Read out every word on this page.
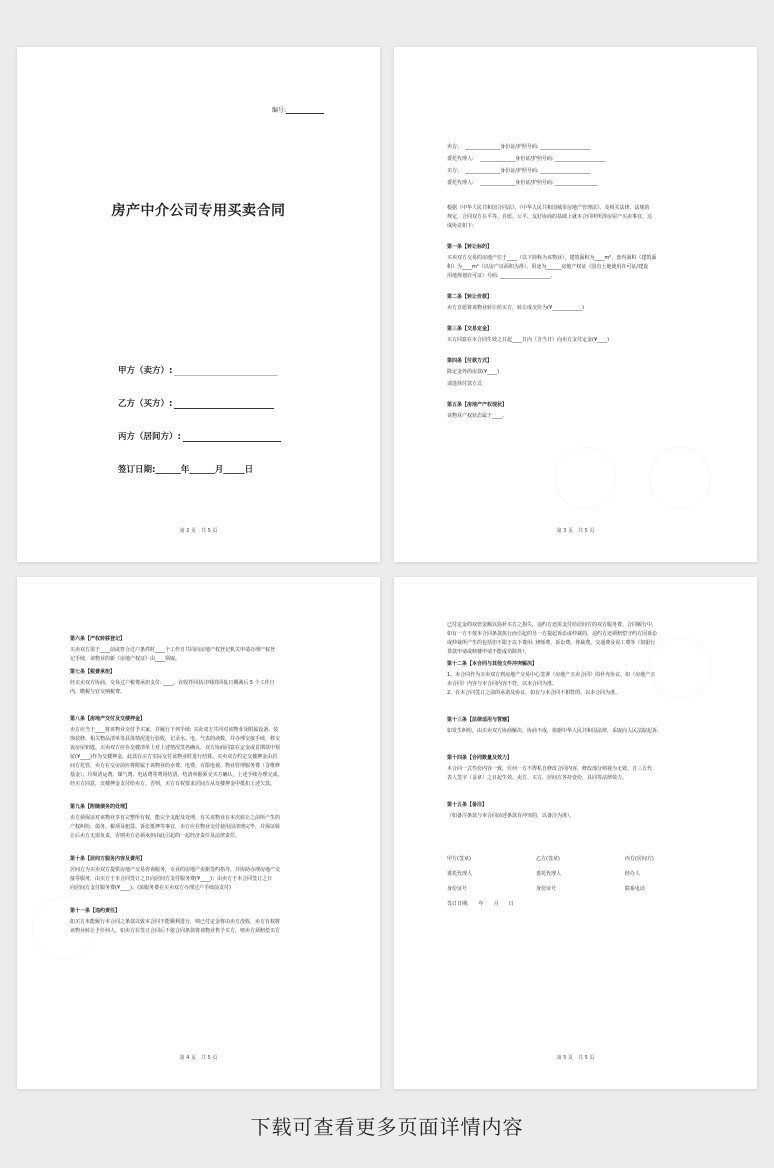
编号:
房产中介公司专用买卖合同
甲方（卖方）:
乙方（买方）:
丙方（居间方）:
签订日期:______年______月_____日
第 2 页　共 5 页
卖方:　 ______________身份证/护照号码: ____________________
委托代理人:　 ______________身份证/护照号码: ____________________
买方:　 ______________身份证/护照号码: ____________________
委托代理人:　 ______________身份证/护照号码: _________________
根据《中华人民共和国合同法》、《中华人民共和国城市房地产管理法》、及相关法律、法规的
规定，合同双方在平等、自愿、公平、友好协商的基础上就本合同所所涉房屋产买卖事宜，达
成协议如下:
第一条【转让标的】
买卖双方交易的房地产位于____（以下简称为该物业），建筑面积为____m²，套内面积（建筑面
积）为____m²（以房产证面积为准），用途为______房地产权证（国有土地使用许可证/建设
用地规划许可证）号码: ____________________。
第二条【转让价款】
卖方自愿将该物业转让给买方，转让成交价为(¥____________)
第三条【交易定金】
买方同意在本合同生效之日起____日内（含当日）向卖方支付定金(¥____)
第四条【付款方式】
除定金外的房款(¥____)
请选择付款方式
第五条【房地产产权现状】
该物业产权状态属于____。
第 3 页　共 5 页
第六条【产权转移登记】
买卖双方需于____前或符合过户条件时____个工作日共同向房地产权登记机关申请办理产权登
记手续，该物业的新《房地产权证》由____领取。
第七条【税费承担】
经买卖双方协商，交易过户税费承担支付: ____，在收件回执注明的回复日期满后 5 个工作日
内，缴税与官交纳税费。
第八条【房地产交付及交楼押金】
卖方应当于____将该物业交付予买家，并履行下列手续: 买卖双方共同对该物业及附属设备、装
饰装修、相关物品清单等具体情况进行验收，记录水、电、气表的读数，并办理交接手续，移交
该房屋钥匙。买卖双方应在交楼清单上对上述情况签名确认。双方协商同意在定金或首期款中预
留(¥____)作为交楼押金，此款在买方实际交付该物业时进行结算。买卖双方约定交楼押金由居
间方托管，卖方在交房前应将附属于该物业的水费、电费、有限电视、物业管理服务费（含维修
基金）、垃圾清运费、煤气费、电话费等费用结清，结清单据须交买方确认，上述手续办理完成，
经买方同意，交楼押金支付给卖方。否则，买方有权要求居间方从交楼押金中抵扣上述欠款。
第九条【附随债务的处理】
卖方须保证对该物业享有完整所有权，能完全支配及处理，有关该物业在本次转让之前所产生的
产权纠纷、债务、税项及租赁、诉讼抵押等事宜，卖方应在物业交付使用前清理完毕，并保证转
让后卖方无需负责，否则卖方必须承担由此引起的一起经济责任及法律责任。
第十条【居间方服务内容及费用】
居间方为买卖双方提供房地产交易咨询服务，专业的房地产卖新签约指导，并协助办理房地产交
接等服务，由买方于本合同签订之日向居间方支付服务费(¥____)；由卖方于本合同签订之日
向居间方支付服务费(¥____)。(该服务费在买卖双方办理过户手续前支付)
第十一条【违约责任】
如买方未能履行本合同之条款以致本合同不能顺利进行，则已付定金将由卖方没收，卖方有权将
该物业转让予任何人，如卖方在签订合同后不依合同条款将该物业售予买方，则卖方须赔偿买方
第 4 页　共 5 页
已付定金的双倍金额以弥补买方之损失，违约方还需支付给居间方的双方服务费。合同履行中，
如有一方不按本合同条款执行而引起的另一方提起诉讼或仲裁的，违约方还须赔偿守约方因诉讼
或仲裁所产生的包括但不限于以下费用: 律师费、诉讼费、仲裁费、交通费及误工费等（如银行
贷款申请或赎楼申请不能成功除外）。
第十二条【本合同与其他文件冲突解决】
1、本合同作为买卖双方到房地产交易中心签署《房地产买卖合同》的补充协议，如《房地产买
卖合同》内容与本合同内容不符，以本合同为准。
2、在本合同签订之前的承诺及协议，如有与本合同不相符的，以本合同为准。
第十三条【法律适用与管辖】
如发生纠纷，由买卖双方协商解决，协商不成，依据中华人民共和国法律，采取向人民法院起诉。
第十四条【合同数量及效力】
本合同一式叁份内容一致，任何一方不得私自修改合同内容，修改部分则视为无效。自三方代
表人签字（盖章）之日起生效。卖方、买方、居间方各持壹份，具同等法律效力。
第十五条【备注】
（如备注条款与本合同前述条款有冲突的，以备注为准）。
甲方(签章)	乙方(签章)	丙方(居间方)
委托代理人	委托代理人	经办人
身份证号	身份证号	联系电话
签订日期:　　年　　月　　日
第 5 页　共 5 页
下载可查看更多页面详情内容
